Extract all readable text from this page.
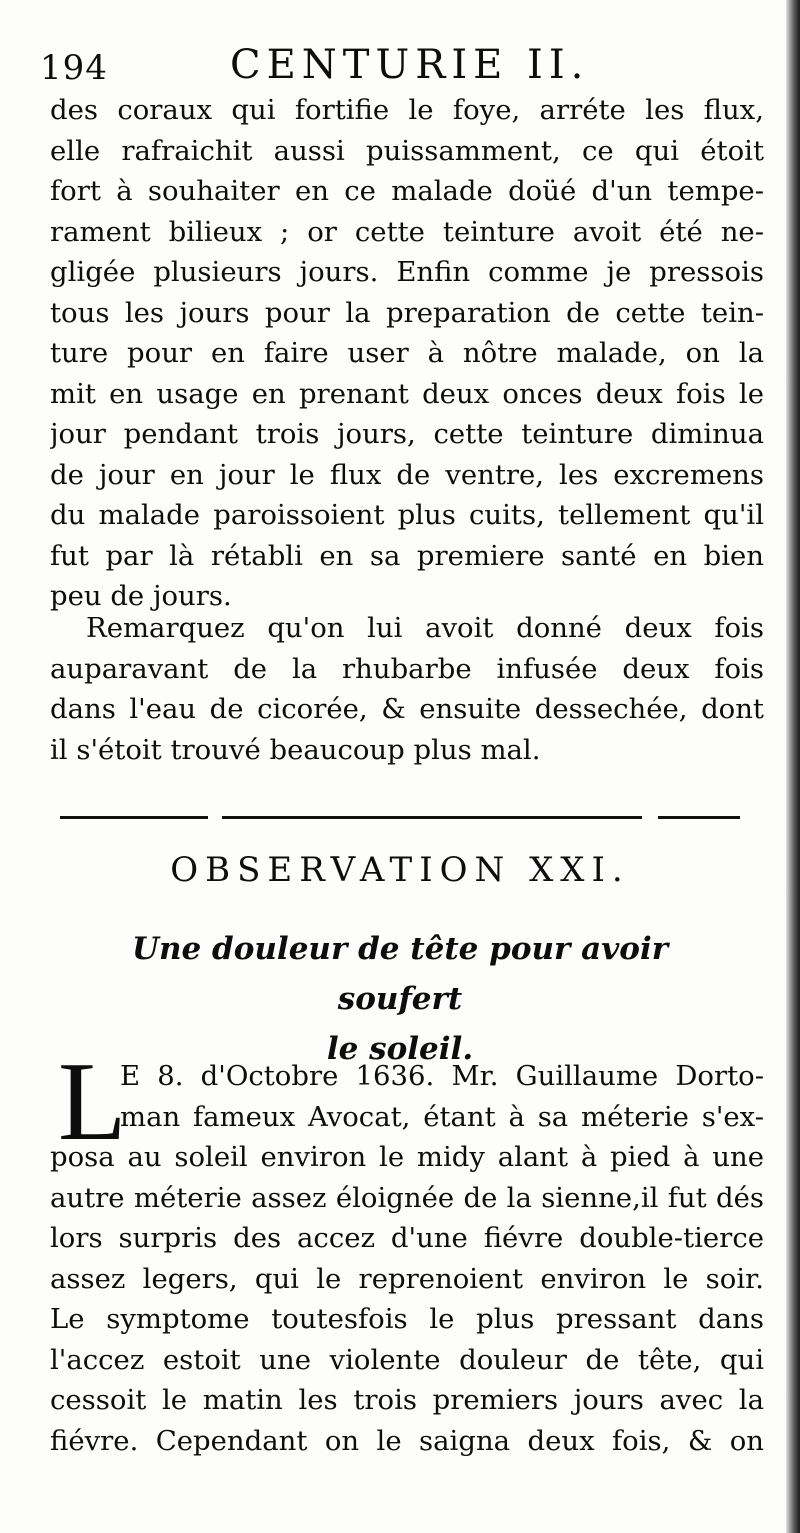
194	CENTURIE II.
des coraux qui fortifie le foye, arréte les flux,
elle rafraichit aussi puissamment, ce qui étoit
fort à souhaiter en ce malade doüé d'un tempe-
rament bilieux ; or cette teinture avoit été ne-
gligée plusieurs jours. Enfin comme je pressois
tous les jours pour la preparation de cette tein-
ture pour en faire user à nôtre malade, on la
mit en usage en prenant deux onces deux fois le
jour pendant trois jours, cette teinture diminua
de jour en jour le flux de ventre, les excremens
du malade paroissoient plus cuits, tellement qu'il
fut par là rétabli en sa premiere santé en bien
peu de jours.
Remarquez qu'on lui avoit donné deux fois
auparavant de la rhubarbe infusée deux fois
dans l'eau de cicorée, & ensuite dessechée, dont
il s'étoit trouvé beaucoup plus mal.
OBSERVATION XXI.
Une douleur de tête pour avoir soufert
le soleil.
L
E 8. d'Octobre 1636. Mr. Guillaume Dorto-
man fameux Avocat, étant à sa méterie s'ex-
posa au soleil environ le midy alant à pied à une
autre méterie assez éloignée de la sienne,il fut dés
lors surpris des accez d'une fiévre double-tierce
assez legers, qui le reprenoient environ le soir.
Le symptome toutesfois le plus pressant dans
l'accez estoit une violente douleur de tête, qui
cessoit le matin les trois premiers jours avec la
fiévre. Cependant on le saigna deux fois, & on
